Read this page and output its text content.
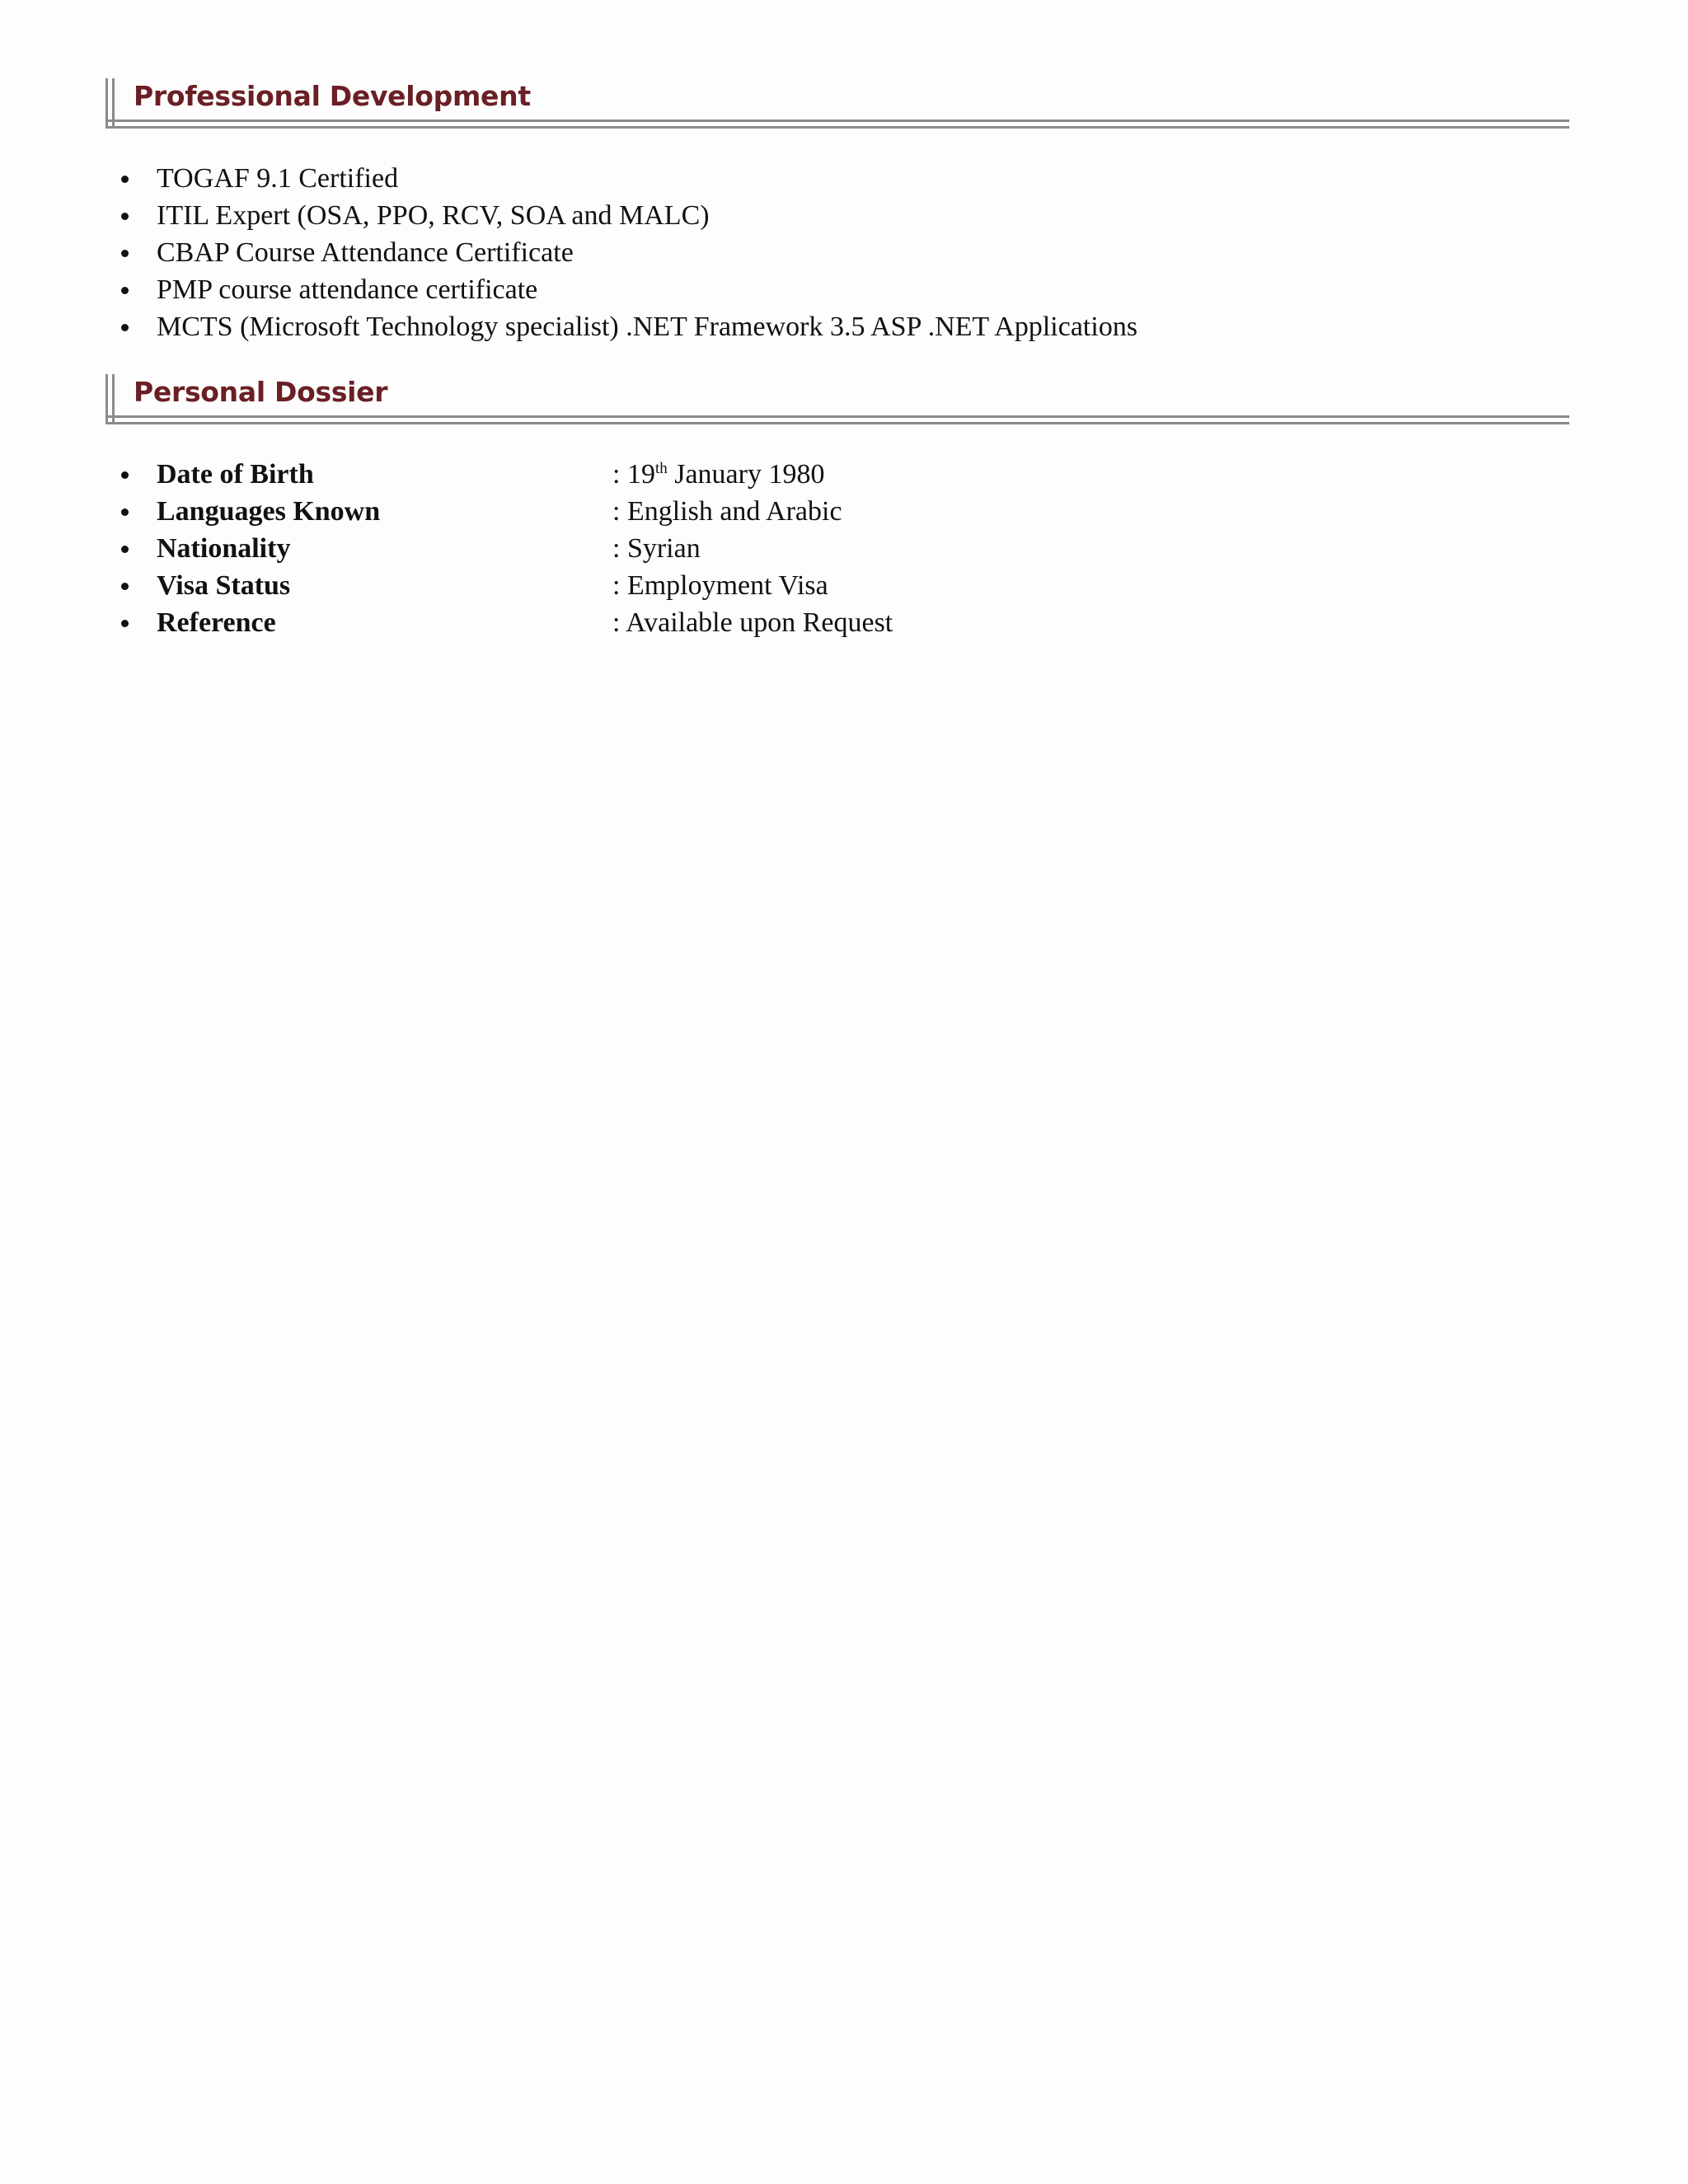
Professional Development
TOGAF 9.1 Certified
ITIL Expert (OSA, PPO, RCV, SOA and MALC)
CBAP Course Attendance Certificate
PMP course attendance certificate
MCTS (Microsoft Technology specialist) .NET Framework 3.5 ASP .NET Applications
Personal Dossier
Date of Birth	: 19th January 1980
Languages Known	: English and Arabic
Nationality	: Syrian
Visa Status	: Employment Visa
Reference	: Available upon Request
